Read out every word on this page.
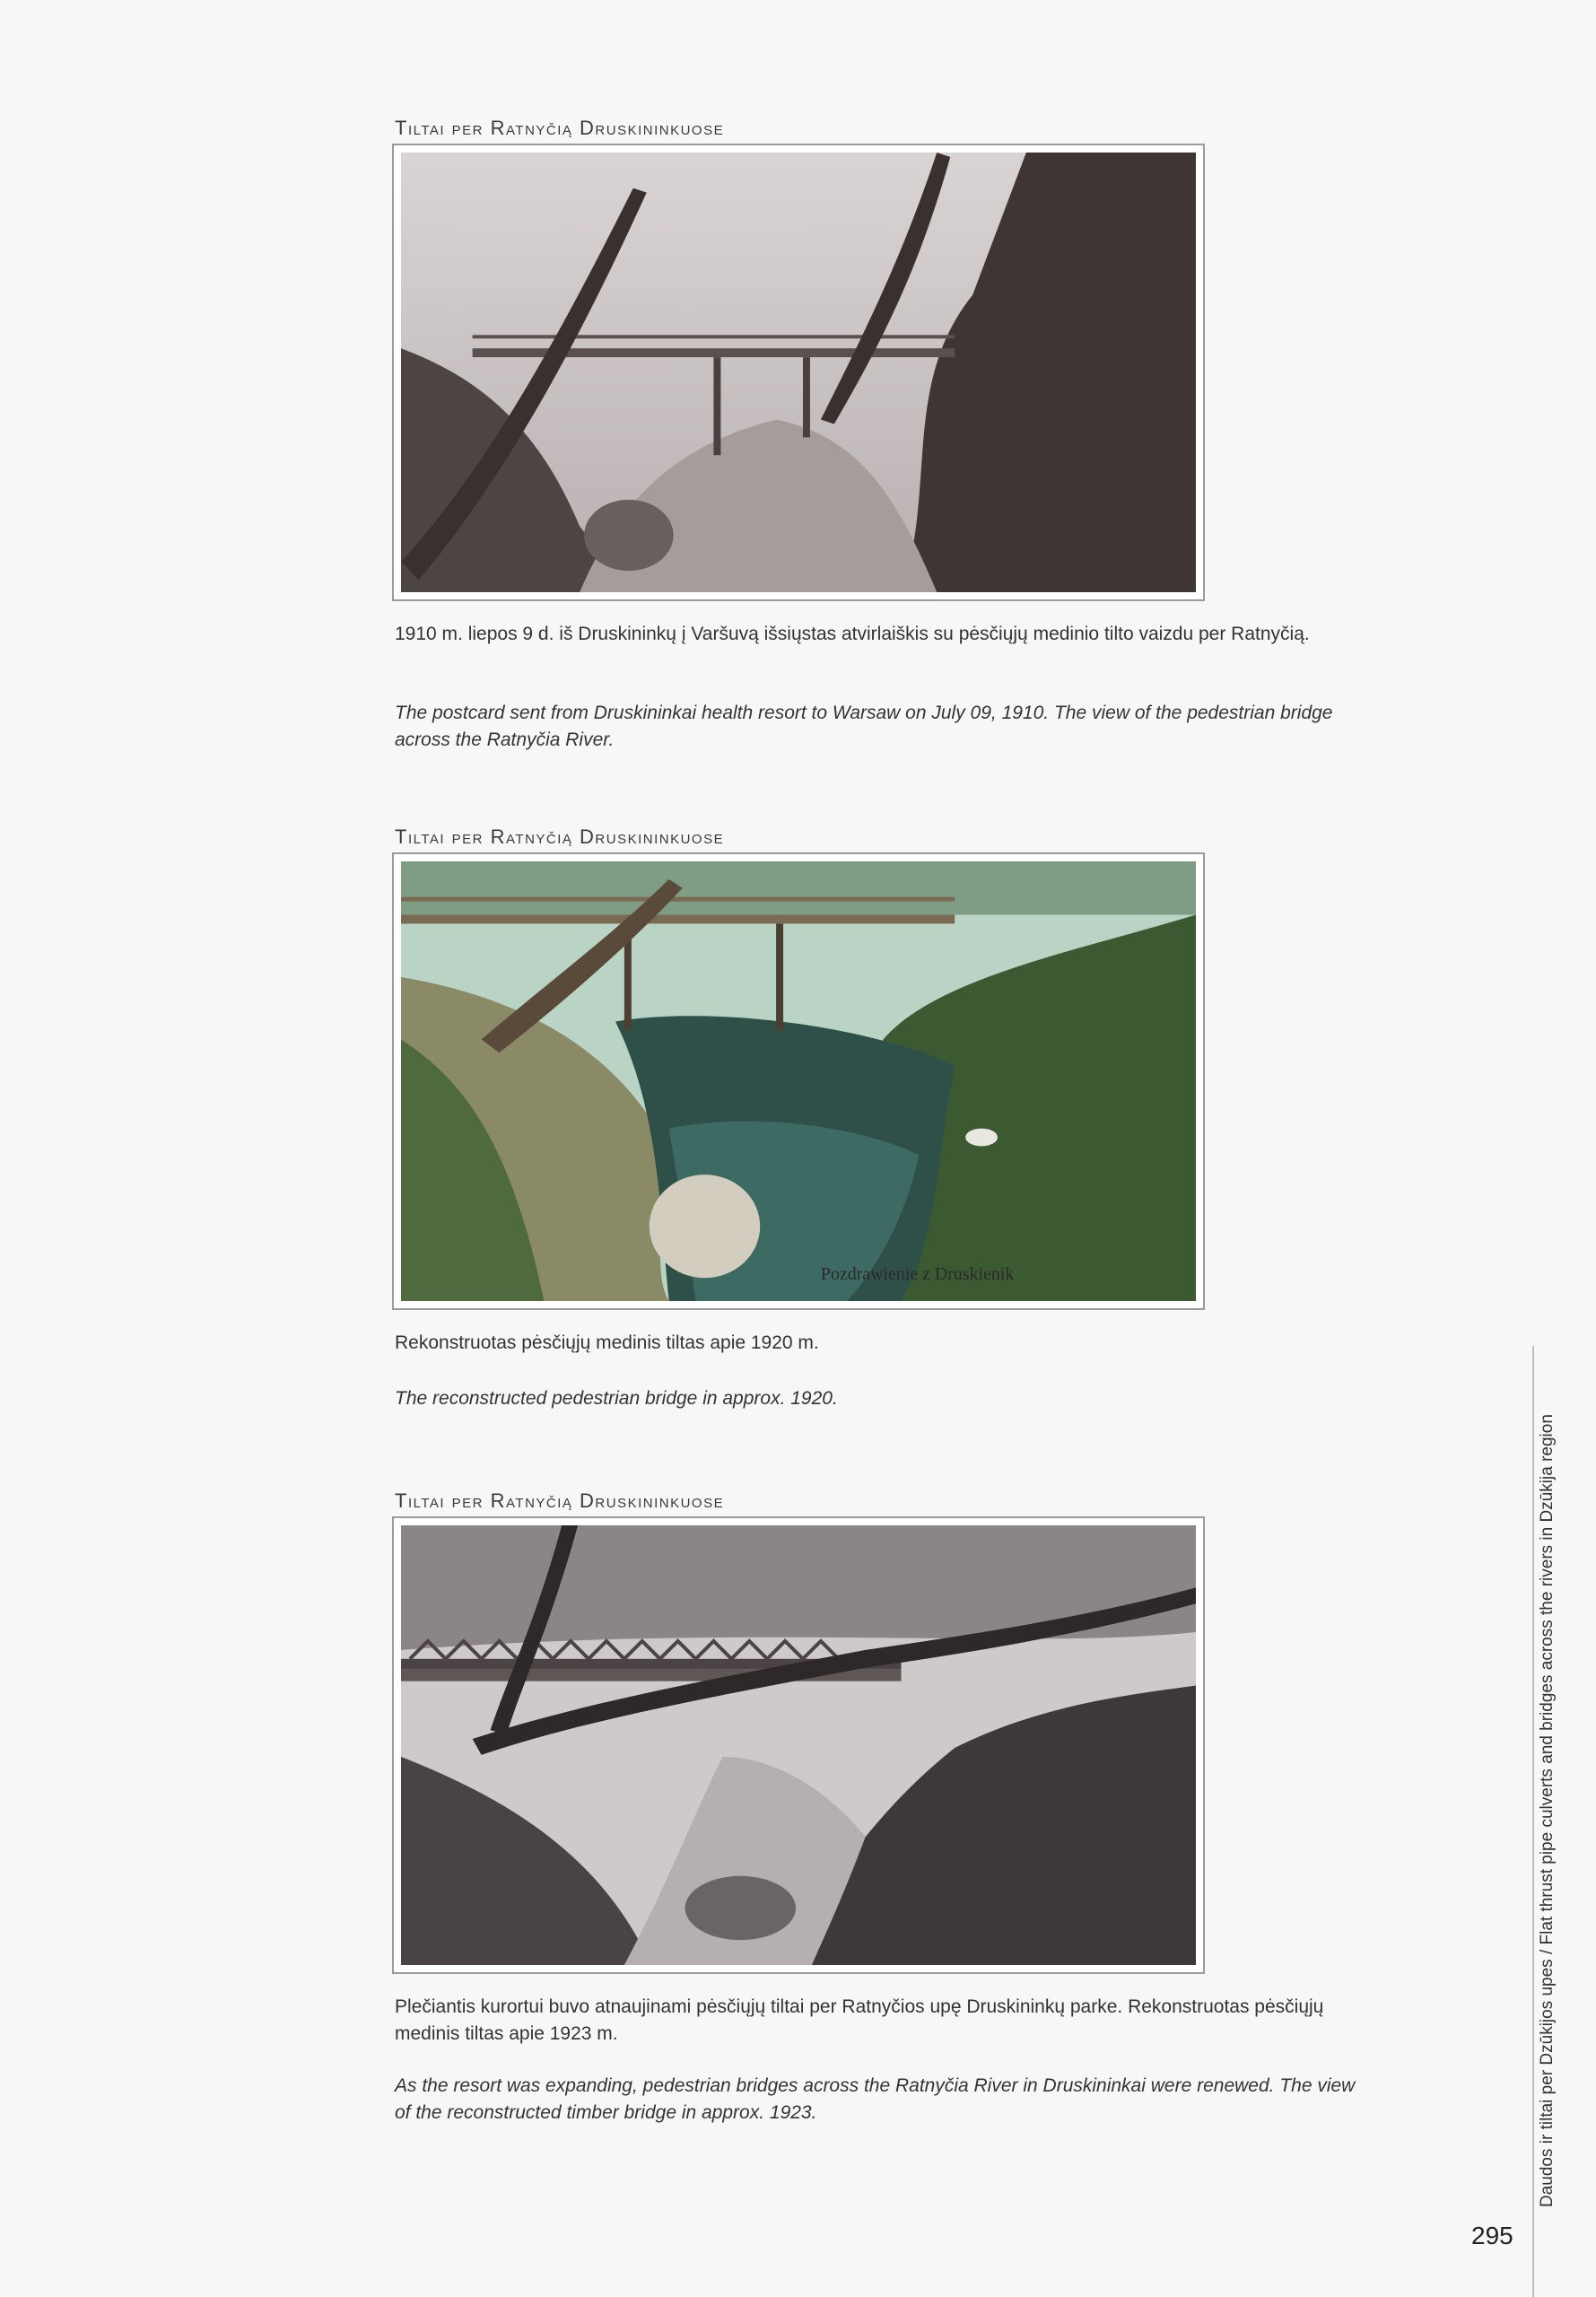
Tiltai per Ratnyčią Druskininkuose
1910 m. liepos 9 d. iš Druskininkų į Varšuvą išsiųstas atvirlaiškis su pėsčiųjų medinio tilto vaizdu per Ratnyčią.
The postcard sent from Druskininkai health resort to Warsaw on July 09, 1910. The view of the pedestrian bridge across the Ratnyčia River.
Tiltai per Ratnyčią Druskininkuose
Pozdrawienie z Druskienik
Rekonstruotas pėsčiųjų medinis tiltas apie 1920 m.
The reconstructed pedestrian bridge in approx. 1920.
Tiltai per Ratnyčią Druskininkuose
Plečiantis kurortui buvo atnaujinami pėsčiųjų tiltai per Ratnyčios upę Druskininkų parke. Rekonstruotas pėsčiųjų medinis tiltas apie 1923 m.
As the resort was expanding, pedestrian bridges across the Ratnyčia River in Druskininkai were renewed. The view of the reconstructed timber bridge in approx. 1923.	Daudos ir tiltai per Dzūkijos upes / Flat thrust pipe culverts and bridges across the rivers in Dzūkija region
295
